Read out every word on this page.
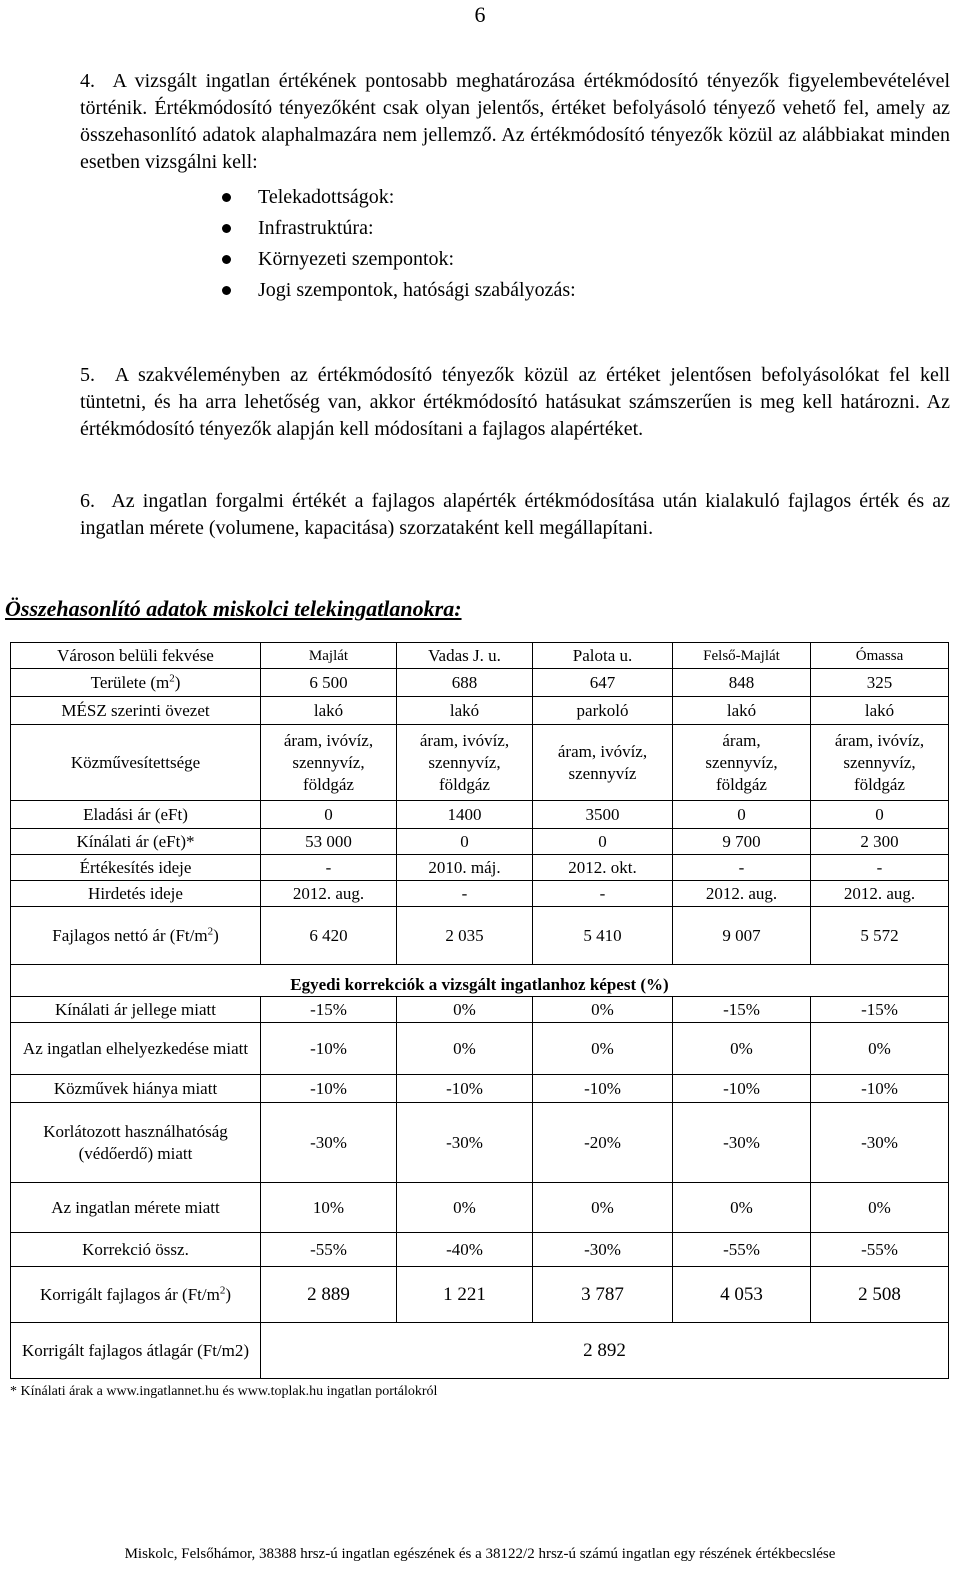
6

4. A vizsgált ingatlan értékének pontosabb meghatározása értékmódosító tényezők figyelembevételével történik. Értékmódosító tényezőként csak olyan jelentős, értéket befolyásoló tényező vehető fel, amely az összehasonlító adatok alaphalmazára nem jellemző. Az értékmódosító tényezők közül az alábbiakat minden esetben vizsgálni kell:

Telekadottságok:
Infrastruktúra:
Környezeti szempontok:
Jogi szempontok, hatósági szabályozás:

5. A szakvéleményben az értékmódosító tényezők közül az értéket jelentősen befolyásolókat fel kell tüntetni, és ha arra lehetőség van, akkor értékmódosító hatásukat számszerűen is meg kell határozni. Az értékmódosító tényezők alapján kell módosítani a fajlagos alapértéket.

6. Az ingatlan forgalmi értékét a fajlagos alapérték értékmódosítása után kialakuló fajlagos érték és az ingatlan mérete (volumene, kapacitása) szorzataként kell megállapítani.

Összehasonlító adatok miskolci telekingatlanokra:
Városon belüli fekvése	Majlát	Vadas J. u.	Palota u.	Felső-Majlát	Ómassa
Területe $(m^2)$	6 500	688	647	848	325
MÉSZ szerinti övezet	lakó	lakó	parkoló	lakó	lakó
Közművesítettsége	áram, ivóvíz,
szennyvíz,
földgáz	áram, ivóvíz,
szennyvíz,
földgáz	áram, ivóvíz,
szennyvíz	áram,
szennyvíz,
földgáz	áram, ivóvíz,
szennyvíz,
földgáz
Eladási ár (eFt)	0	1400	3500	0	0
Kínálati ár (eFt)*	53 000	0	0	9 700	2 300
Értékesítés ideje	-	2010. máj.	2012. okt.	-	-
Hirdetés ideje	2012. aug.	-	-	2012. aug.	2012. aug.
Fajlagos nettó ár $(Ft/m^2)$	6 420	2 035	5 410	9 007	5 572
Egyedi korrekciók a vizsgált ingatlanhoz képest (%)					
Kínálati ár jellege miatt	-15%	0%	0%	-15%	-15%
Az ingatlan elhelyezkedése miatt	-10%	0%	0%	0%	0%
Közművek hiánya miatt	-10%	-10%	-10%	-10%	-10%
Korlátozott használhatóság (védőerdő) miatt	-30%	-30%	-20%	-30%	-30%
Az ingatlan mérete miatt	10%	0%	0%	0%	0%
Korrekció össz.	-55%	-40%	-30%	-55%	-55%
Korrigált fajlagos ár $(Ft/m^2)$	2 889	1 221	3 787	4 053	2 508
Korrigált fajlagos átlagár (Ft/m2)	2 892				
* Kínálati árak a www.ingatlannet.hu és www.toplak.hu ingatlan portálokról
Miskolc, Felsőhámor, 38388 hrsz-ú ingatlan egészének és a 38122/2 hrsz-ú számú ingatlan egy részének értékbecslése
